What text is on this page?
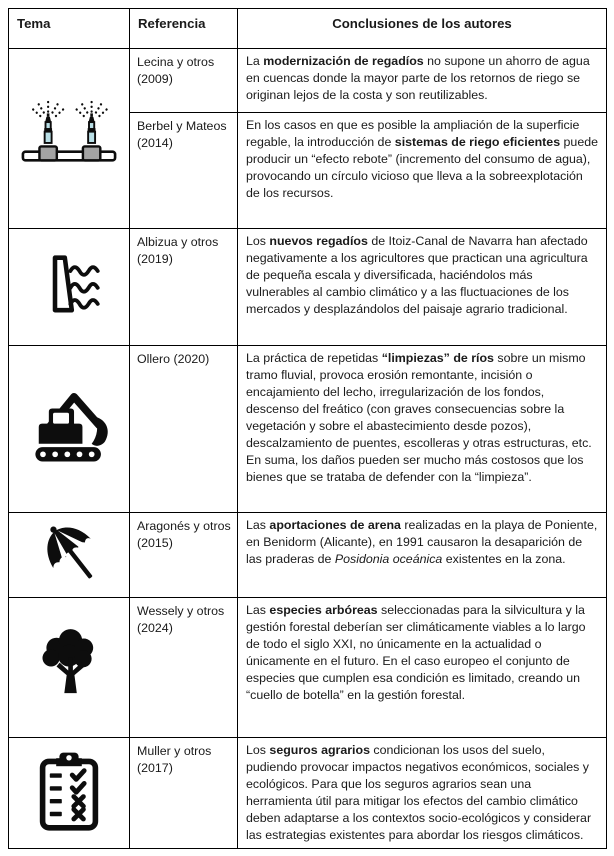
Tema	Referencia	Conclusiones de los autores
	Lecina y otros (2009)	La modernización de regadíos no supone un ahorro de agua en cuencas donde la mayor parte de los retornos de riego se originan lejos de la costa y son reutilizables.
	Berbel y Mateos (2014)	En los casos en que es posible la ampliación de la superficie regable, la introducción de sistemas de riego eficientes puede producir un “efecto rebote” (incremento del consumo de agua), provocando un círculo vicioso que lleva a la sobreexplotación de los recursos.
	Albizua y otros (2019)	Los nuevos regadíos de Itoiz-Canal de Navarra han afectado negativamente a los agricultores que practican una agricultura de pequeña escala y diversificada, haciéndolos más vulnerables al cambio climático y a las fluctuaciones de los mercados y desplazándolos del paisaje agrario tradicional.
	Ollero (2020)	La práctica de repetidas “limpiezas” de ríos sobre un mismo tramo fluvial, provoca erosión remontante, incisión o encajamiento del lecho, irregularización de los fondos, descenso del freático (con graves consecuencias sobre la vegetación y sobre el abastecimiento desde pozos), descalzamiento de puentes, escolleras y otras estructuras, etc. En suma, los daños pueden ser mucho más costosos que los bienes que se trataba de defender con la “limpieza”.
	Aragonés y otros (2015)	Las aportaciones de arena realizadas en la playa de Poniente, en Benidorm (Alicante), en 1991 causaron la desaparición de las praderas de Posidonia oceánica existentes en la zona.
	Wessely y otros (2024)	Las especies arbóreas seleccionadas para la silvicultura y la gestión forestal deberían ser climáticamente viables a lo largo de todo el siglo XXI, no únicamente en la actualidad o únicamente en el futuro. En el caso europeo el conjunto de especies que cumplen esa condición es limitado, creando un “cuello de botella” en la gestión forestal.
	Muller y otros (2017)	Los seguros agrarios condicionan los usos del suelo, pudiendo provocar impactos negativos económicos, sociales y ecológicos. Para que los seguros agrarios sean una herramienta útil para mitigar los efectos del cambio climático deben adaptarse a los contextos socio-ecológicos y considerar las estrategias existentes para abordar los riesgos climáticos.
